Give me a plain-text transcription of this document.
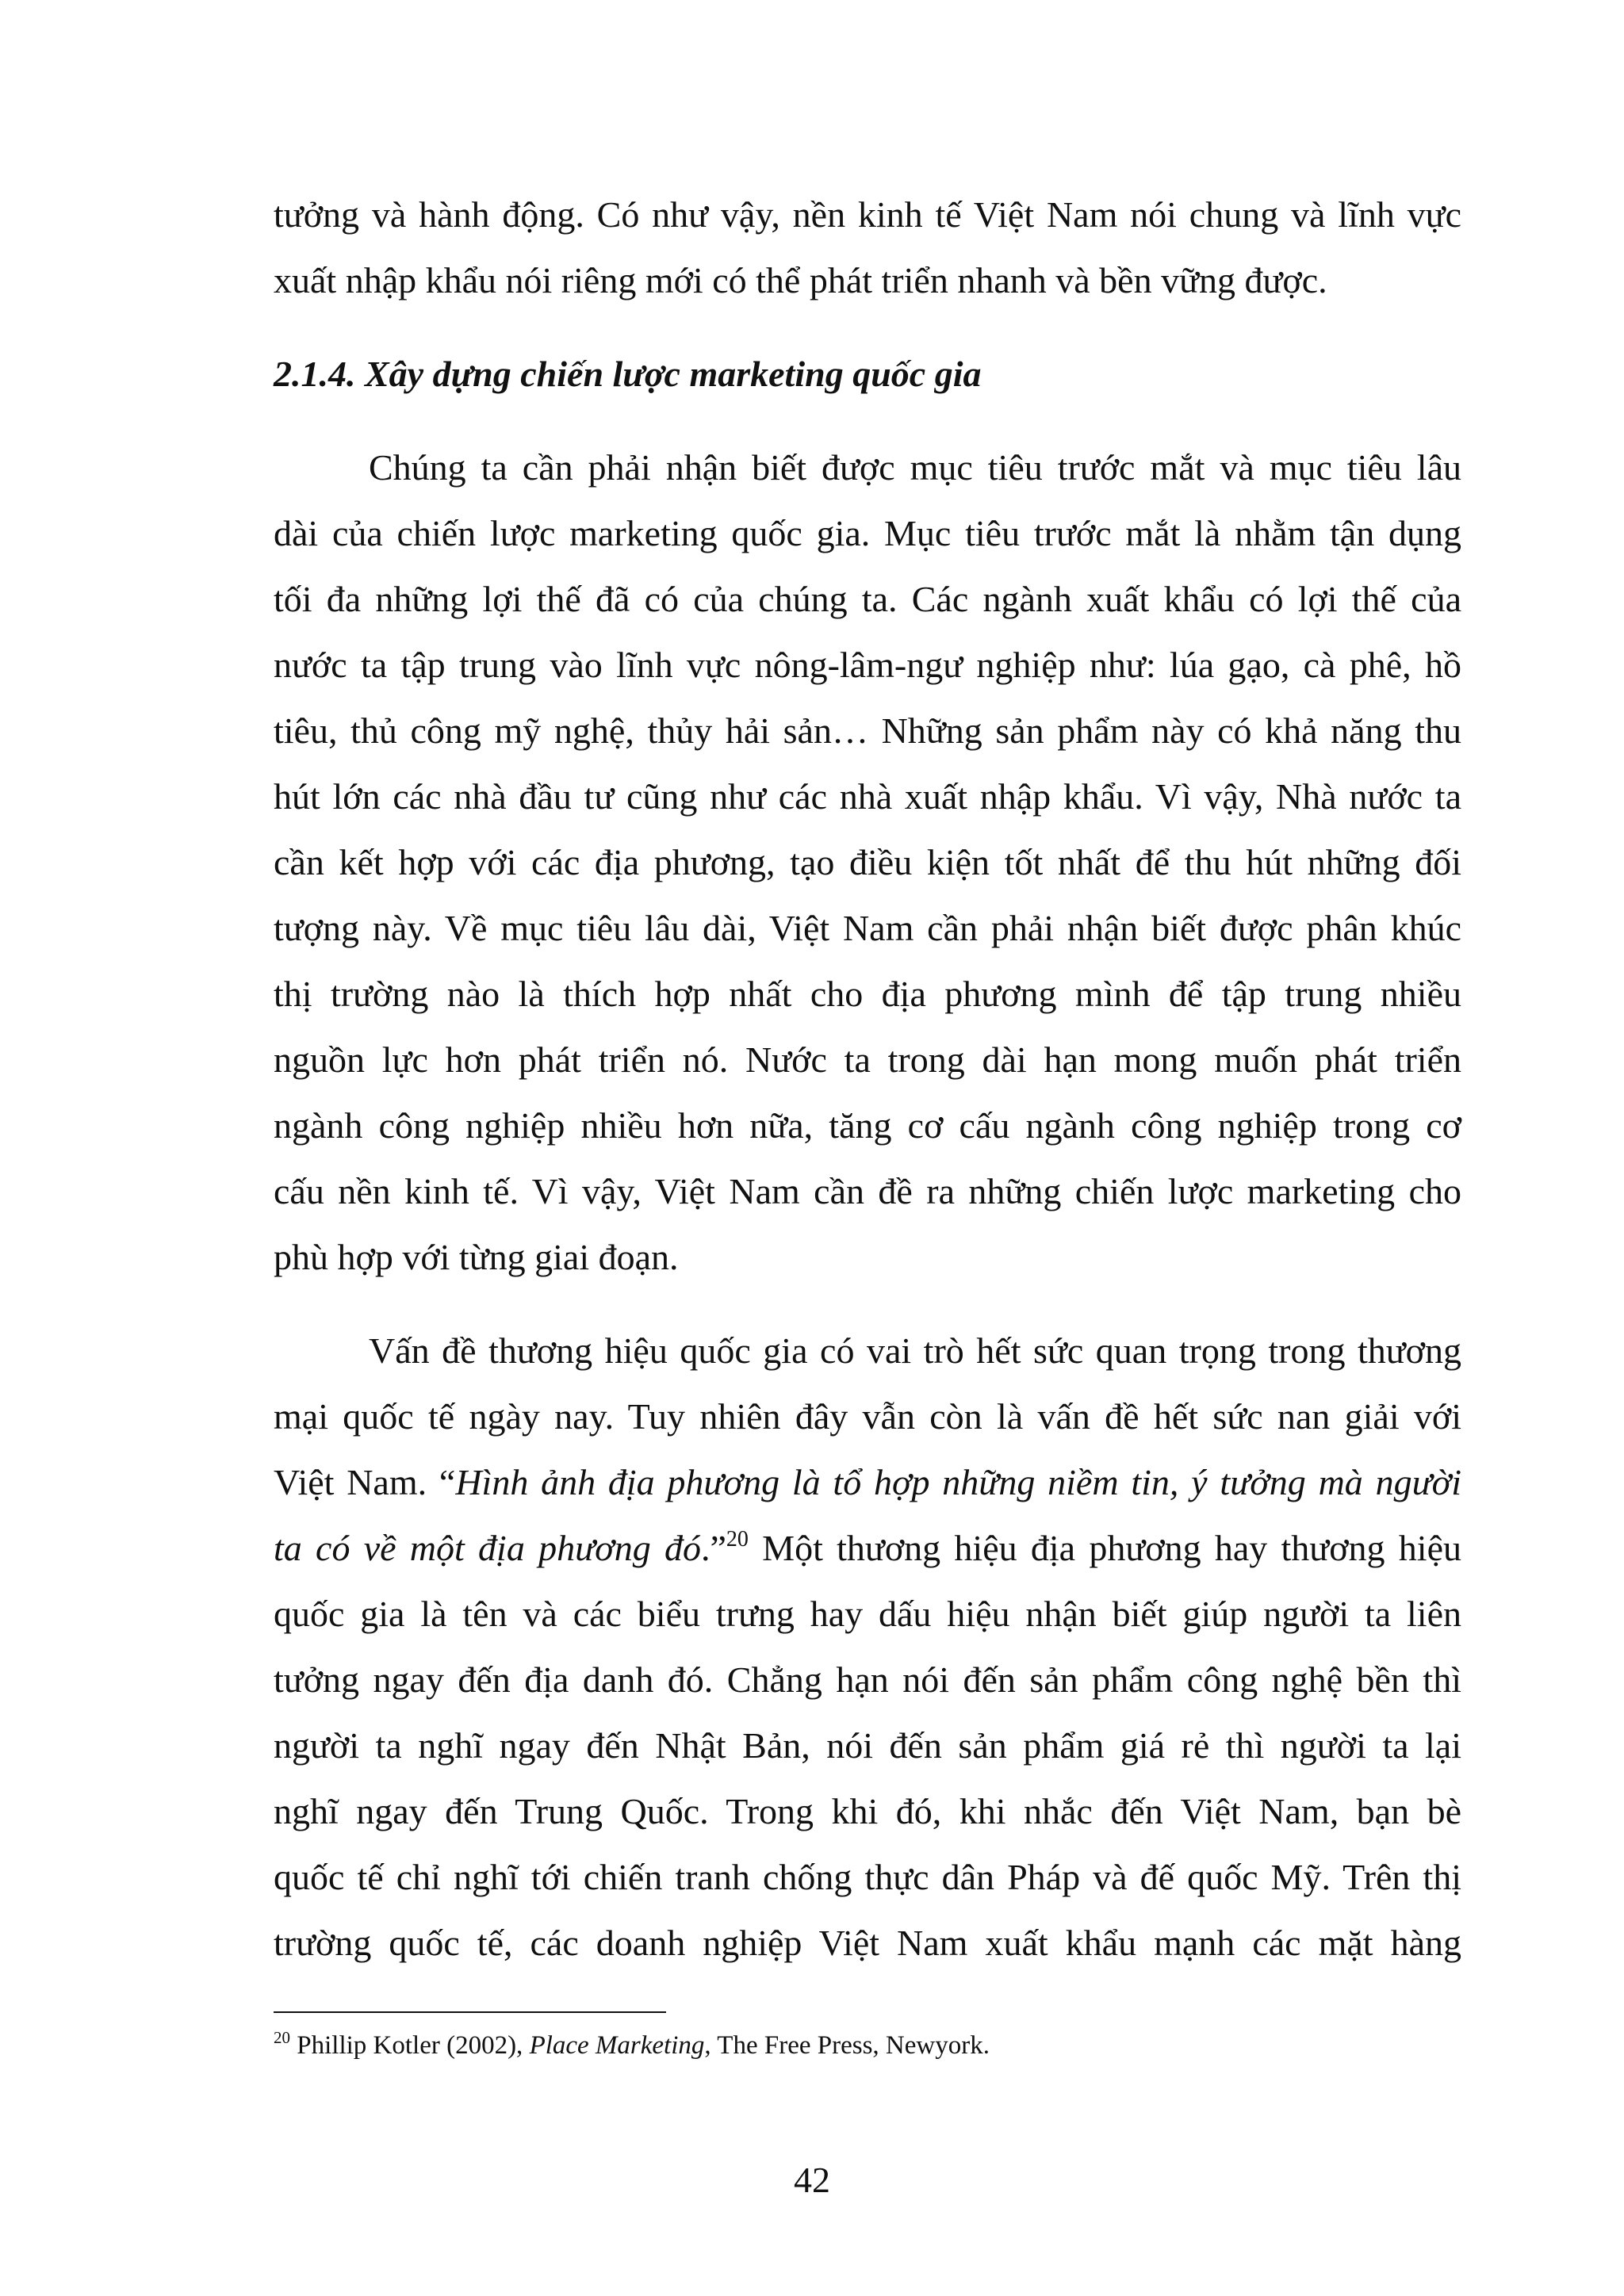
tưởng và hành động. Có như vậy, nền kinh tế Việt Nam nói chung và lĩnh vực
xuất nhập khẩu nói riêng mới có thể phát triển nhanh và bền vững được.
2.1.4. Xây dựng chiến lược marketing quốc gia
Chúng ta cần phải nhận biết được mục tiêu trước mắt và mục tiêu lâu
dài của chiến lược marketing quốc gia. Mục tiêu trước mắt là nhằm tận dụng
tối đa những lợi thế đã có của chúng ta. Các ngành xuất khẩu có lợi thế của
nước ta tập trung vào lĩnh vực nông-lâm-ngư nghiệp như: lúa gạo, cà phê, hồ
tiêu, thủ công mỹ nghệ, thủy hải sản… Những sản phẩm này có khả năng thu
hút lớn các nhà đầu tư cũng như các nhà xuất nhập khẩu. Vì vậy, Nhà nước ta
cần kết hợp với các địa phương, tạo điều kiện tốt nhất để thu hút những đối
tượng này. Về mục tiêu lâu dài, Việt Nam cần phải nhận biết được phân khúc
thị trường nào là thích hợp nhất cho địa phương mình để tập trung nhiều
nguồn lực hơn phát triển nó. Nước ta trong dài hạn mong muốn phát triển
ngành công nghiệp nhiều hơn nữa, tăng cơ cấu ngành công nghiệp trong cơ
cấu nền kinh tế. Vì vậy, Việt Nam cần đề ra những chiến lược marketing cho
phù hợp với từng giai đoạn.
Vấn đề thương hiệu quốc gia có vai trò hết sức quan trọng trong thương
mại quốc tế ngày nay. Tuy nhiên đây vẫn còn là vấn đề hết sức nan giải với
Việt Nam. “Hình ảnh địa phương là tổ hợp những niềm tin, ý tưởng mà người
ta có về một địa phương đó.”$^{20}$ Một thương hiệu địa phương hay thương hiệu
quốc gia là tên và các biểu trưng hay dấu hiệu nhận biết giúp người ta liên
tưởng ngay đến địa danh đó. Chẳng hạn nói đến sản phẩm công nghệ bền thì
người ta nghĩ ngay đến Nhật Bản, nói đến sản phẩm giá rẻ thì người ta lại
nghĩ ngay đến Trung Quốc. Trong khi đó, khi nhắc đến Việt Nam, bạn bè
quốc tế chỉ nghĩ tới chiến tranh chống thực dân Pháp và đế quốc Mỹ. Trên thị
trường quốc tế, các doanh nghiệp Việt Nam xuất khẩu mạnh các mặt hàng
$^{20}$ Phillip Kotler (2002), Place Marketing, The Free Press, Newyork.
42
